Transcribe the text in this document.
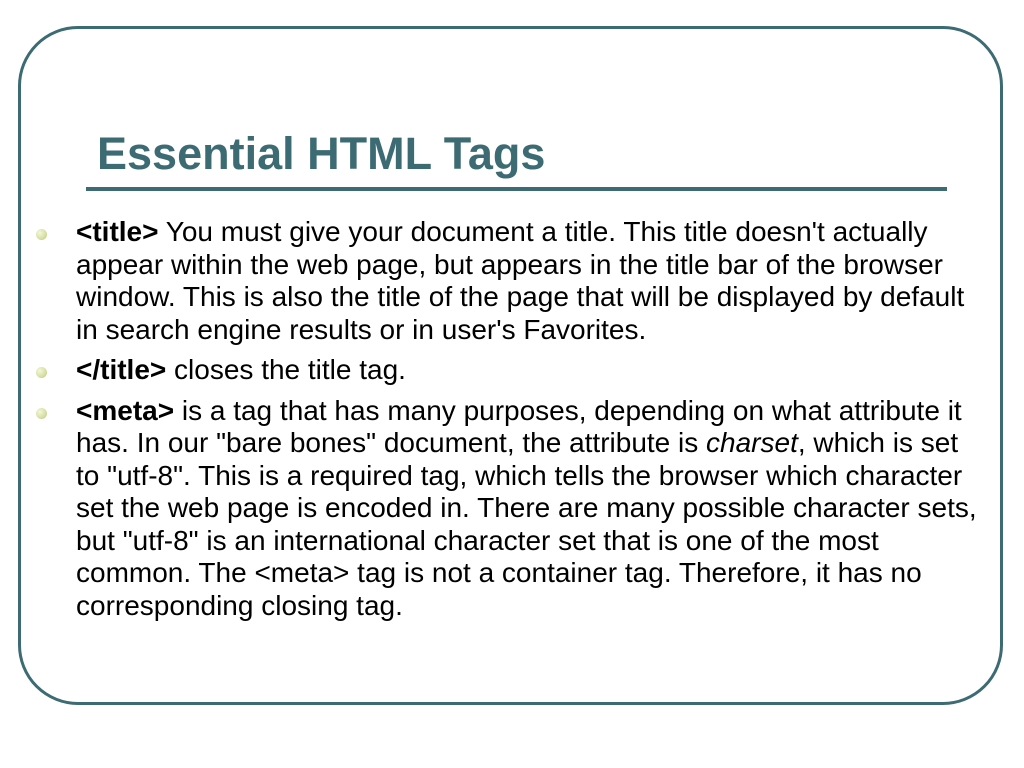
Essential HTML Tags
<title> You must give your document a title. This title doesn't actually appear within the web page, but appears in the title bar of the browser window. This is also the title of the page that will be displayed by default in search engine results or in user's Favorites.
</title> closes the title tag.
<meta> is a tag that has many purposes, depending on what attribute it has. In our "bare bones" document, the attribute is charset, which is set to "utf-8". This is a required tag, which tells the browser which character set the web page is encoded in. There are many possible character sets, but "utf-8" is an international character set that is one of the most common. The <meta> tag is not a container tag. Therefore, it has no corresponding closing tag.
